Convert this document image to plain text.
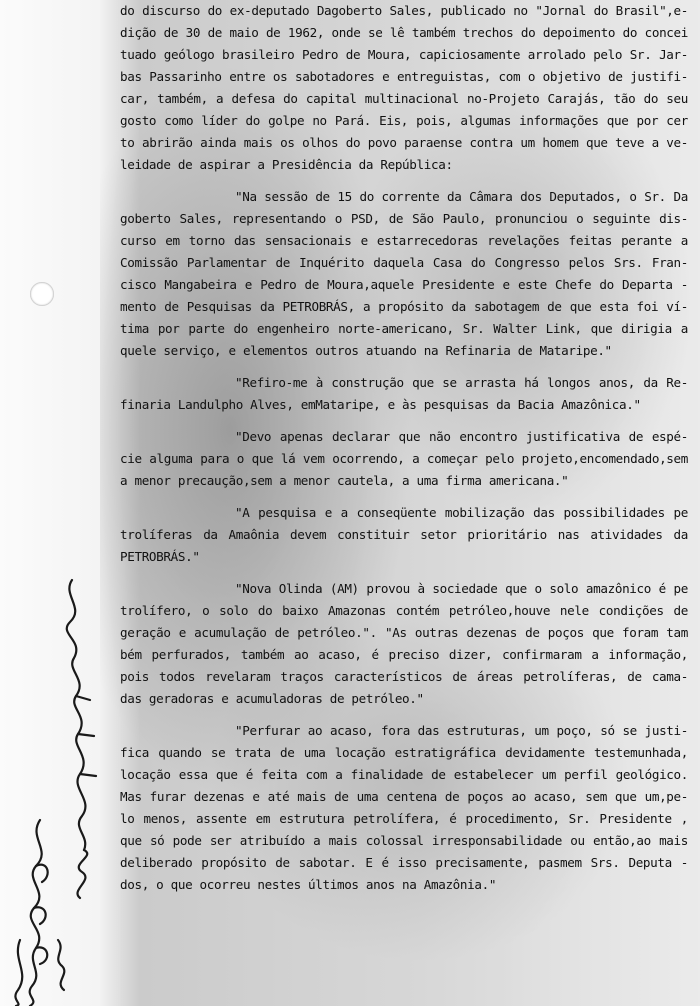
do discurso do ex-deputado Dagoberto Sales, publicado no "Jornal do Brasil",e-
dição de 30 de maio de 1962, onde se lê também trechos do depoimento do concei
tuado geólogo brasileiro Pedro de Moura, capiciosamente arrolado pelo Sr. Jar-
bas Passarinho entre os sabotadores e entreguistas, com o objetivo de justifi-
car, também, a defesa do capital multinacional no-Projeto Carajás, tão do seu
gosto como líder do golpe no Pará. Eis, pois, algumas informações que por cer
to abrirão ainda mais os olhos do povo paraense contra um homem que teve a ve-
leidade de aspirar a Presidência da República:
"Na sessão de 15 do corrente da Câmara dos Deputados, o Sr. Da
goberto Sales, representando o PSD, de São Paulo, pronunciou o seguinte dis-
curso em torno das sensacionais e estarrecedoras revelações feitas perante a
Comissão Parlamentar de Inquérito daquela Casa do Congresso pelos Srs. Fran-
cisco Mangabeira e Pedro de Moura,aquele Presidente e este Chefe do Departa -
mento de Pesquisas da PETROBRÁS, a propósito da sabotagem de que esta foi ví-
tima por parte do engenheiro norte-americano, Sr. Walter Link, que dirigia a
quele serviço, e elementos outros atuando na Refinaria de Mataripe."
"Refiro-me à construção que se arrasta há longos anos, da Re-
finaria Landulpho Alves, emMataripe, e às pesquisas da Bacia Amazônica."
"Devo apenas declarar que não encontro justificativa de espé-
cie alguma para o que lá vem ocorrendo, a começar pelo projeto,encomendado,sem
a menor precaução,sem a menor cautela, a uma firma americana."
"A pesquisa e a conseqüente mobilização das possibilidades pe
trolíferas da Amaônia devem constituir setor prioritário nas atividades da
PETROBRÁS."
"Nova Olinda (AM) provou à sociedade que o solo amazônico é pe
trolífero, o solo do baixo Amazonas contém petróleo,houve nele condições de
geração e acumulação de petróleo.". "As outras dezenas de poços que foram tam
bém perfurados, também ao acaso, é preciso dizer, confirmaram a informação,
pois todos revelaram traços característicos de áreas petrolíferas, de cama-
das geradoras e acumuladoras de petróleo."
"Perfurar ao acaso, fora das estruturas, um poço, só se justi-
fica quando se trata de uma locação estratigráfica devidamente testemunhada,
locação essa que é feita com a finalidade de estabelecer um perfil geológico.
Mas furar dezenas e até mais de uma centena de poços ao acaso, sem que um,pe-
lo menos, assente em estrutura petrolífera, é procedimento, Sr. Presidente ,
que só pode ser atribuído a mais colossal irresponsabilidade ou então,ao mais
deliberado propósito de sabotar. E é isso precisamente, pasmem Srs. Deputa -
dos, o que ocorreu nestes últimos anos na Amazônia."
